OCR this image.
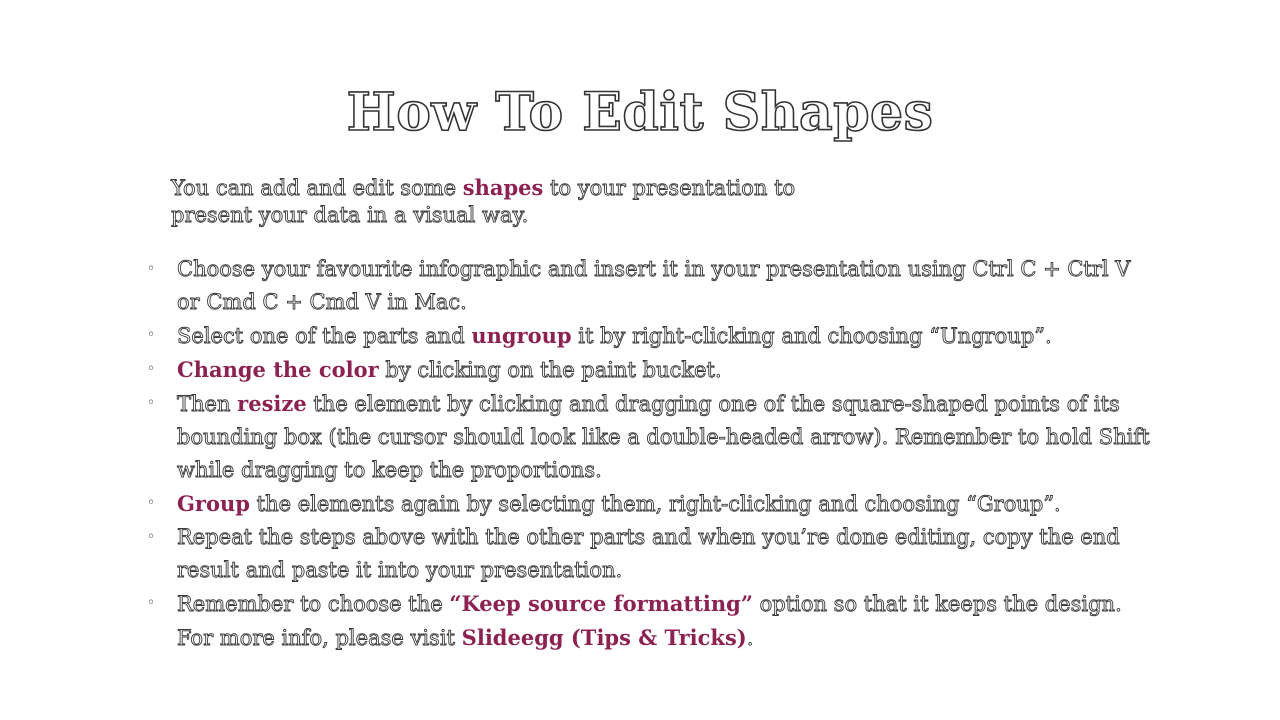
How To Edit Shapes

You can add and edit some shapes to your presentation to present your data in a visual way.

◦ Choose your favourite infographic and insert it in your presentation using Ctrl C + Ctrl V or Cmd C + Cmd V in Mac.
◦ Select one of the parts and ungroup it by right-clicking and choosing “Ungroup”.
◦ Change the color by clicking on the paint bucket.
◦ Then resize the element by clicking and dragging one of the square-shaped points of its bounding box (the cursor should look like a double-headed arrow). Remember to hold Shift while dragging to keep the proportions.
◦ Group the elements again by selecting them, right-clicking and choosing “Group”.
◦ Repeat the steps above with the other parts and when you’re done editing, copy the end result and paste it into your presentation.
◦ Remember to choose the “Keep source formatting” option so that it keeps the design. For more info, please visit Slideegg (Tips & Tricks).
